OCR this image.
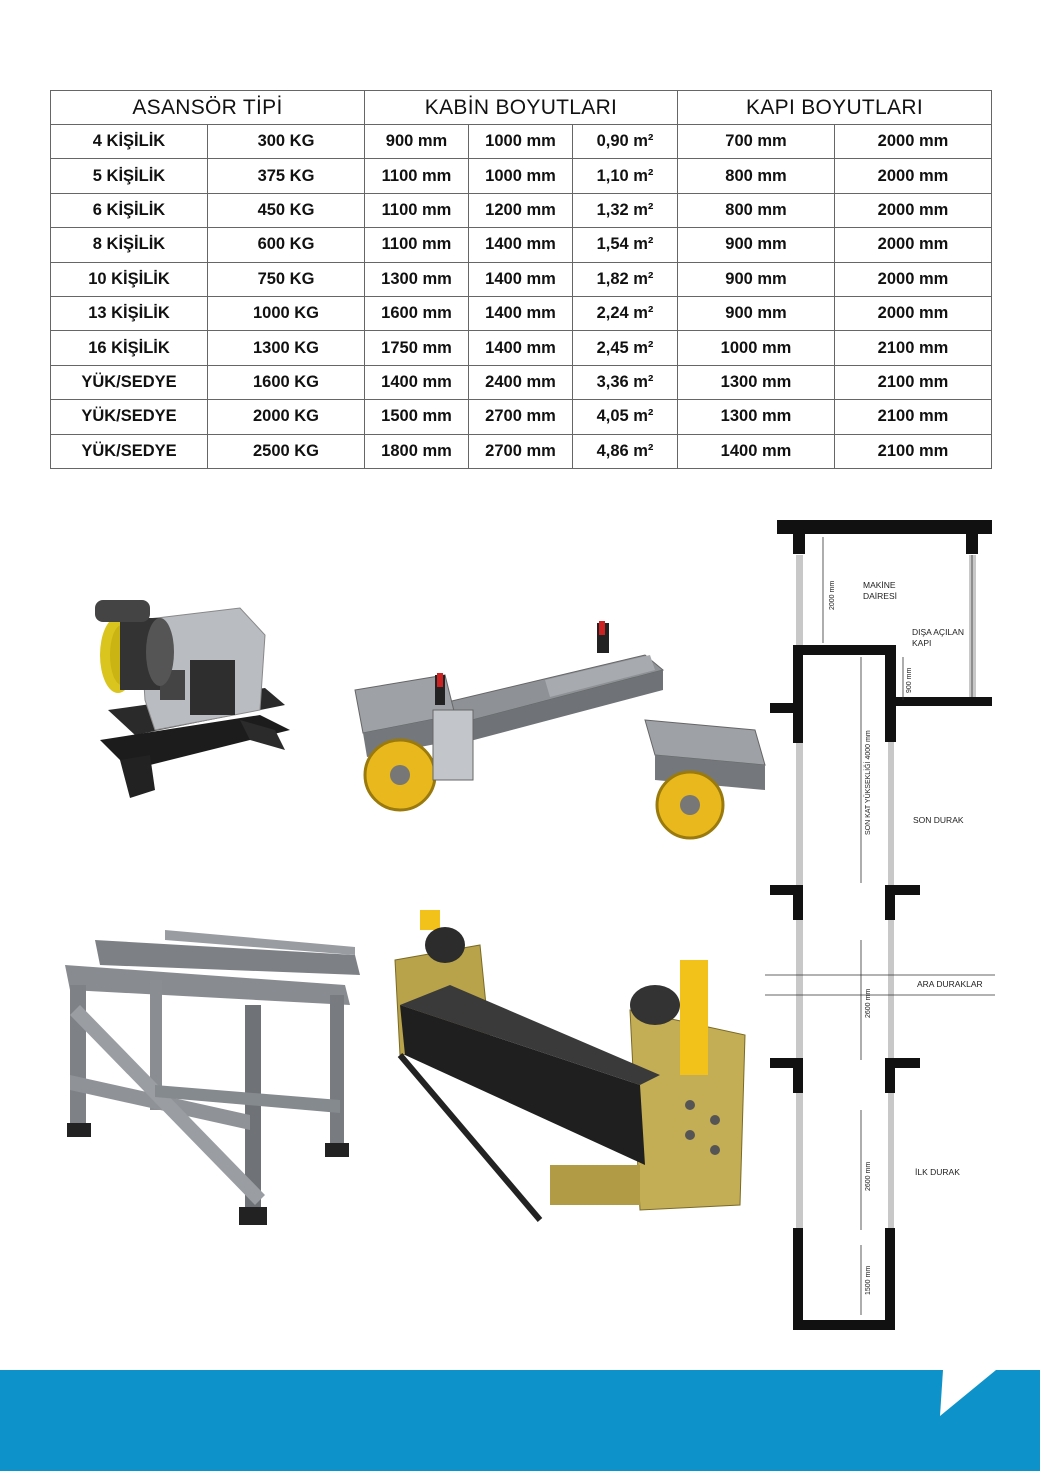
ASANSÖR TİPİ		KABİN BOYUTLARI			KAPI BOYUTLARI	
4 KİŞİLİK	300 KG	900 mm	1000 mm	0,90 m²	700 mm	2000 mm
5 KİŞİLİK	375 KG	1100 mm	1000 mm	1,10 m²	800 mm	2000 mm
6 KİŞİLİK	450 KG	1100 mm	1200 mm	1,32 m²	800 mm	2000 mm
8 KİŞİLİK	600 KG	1100 mm	1400 mm	1,54 m²	900 mm	2000 mm
10 KİŞİLİK	750 KG	1300 mm	1400 mm	1,82 m²	900 mm	2000 mm
13 KİŞİLİK	1000 KG	1600 mm	1400 mm	2,24 m²	900 mm	2000 mm
16 KİŞİLİK	1300 KG	1750 mm	1400 mm	2,45 m²	1000 mm	2100 mm
YÜK/SEDYE	1600 KG	1400 mm	2400 mm	3,36 m²	1300 mm	2100 mm
YÜK/SEDYE	2000 KG	1500 mm	2700 mm	4,05 m²	1300 mm	2100 mm
YÜK/SEDYE	2500 KG	1800 mm	2700 mm	4,86 m²	1400 mm	2100 mm
MAKİNE
DAİRESİ
DIŞA AÇILAN
KAPI
2000 mm
900 mm
SON KAT YÜKSEKLİĞİ 4000 mm	SON DURAK
ARA DURAKLAR
2600 mm
2600 mm	İLK DURAK
1500 mm
